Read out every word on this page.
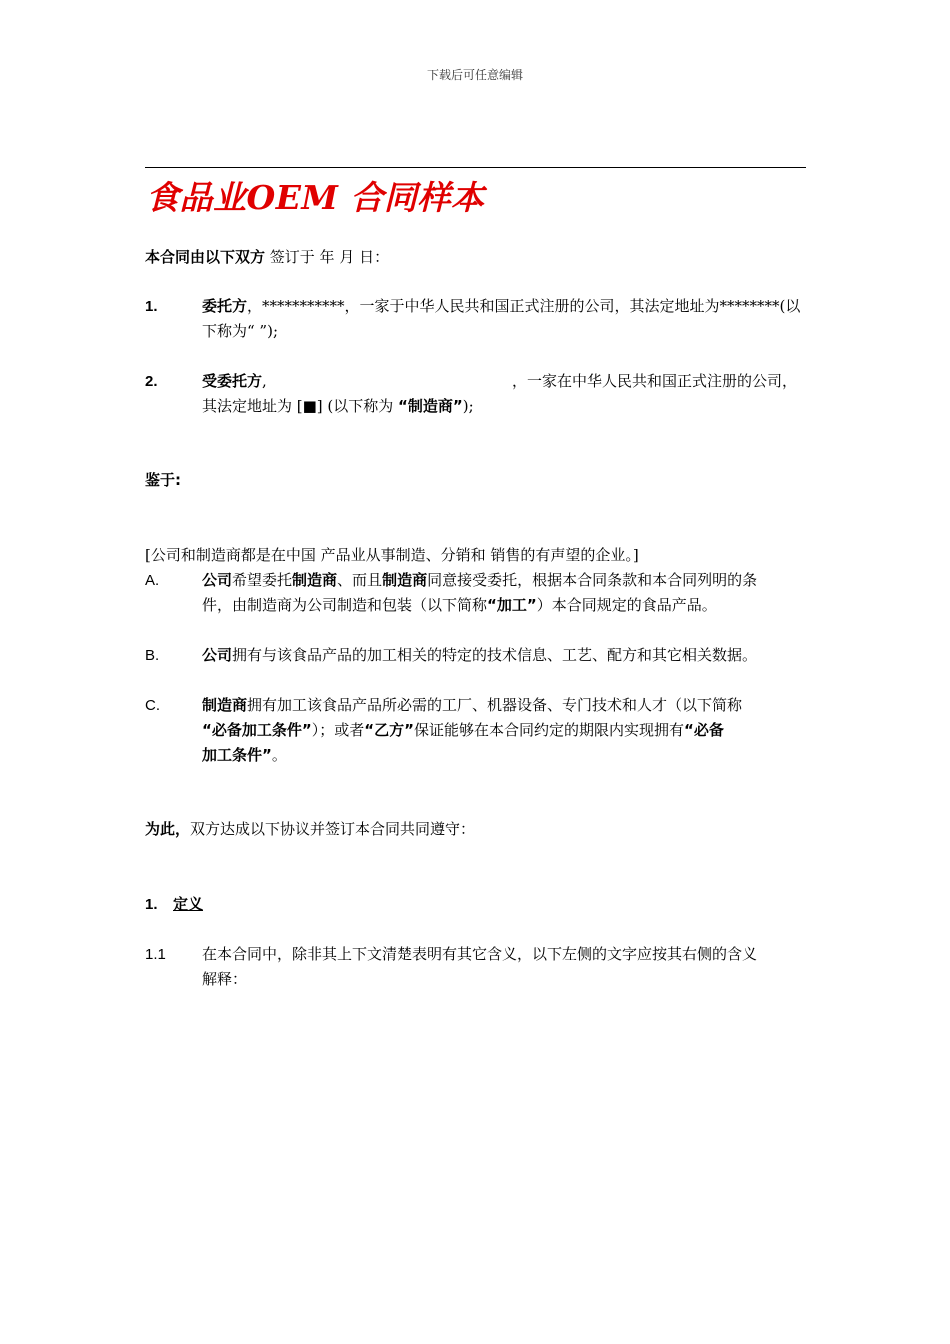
下载后可任意编辑
食品业OEM 合同样本
本合同由以下双方 签订于 年 月 日：
1.	委托方，***********，一家于中华人民共和国正式注册的公司，其法定地址为********(以
下称为“ ”);
2.	受委托方,	，一家在中华人民共和国正式注册的公司，
其法定地址为 [■] (以下称为 “制造商”);
鉴于:
[公司和制造商都是在中国 产品业从事制造、分销和 销售的有声望的企业。]
A.	公司希望委托制造商、而且制造商同意接受委托，根据本合同条款和本合同列明的条
件，由制造商为公司制造和包装（以下简称“加工”）本合同规定的食品产品。
B.	公司拥有与该食品产品的加工相关的特定的技术信息、工艺、配方和其它相关数据。
C.	制造商拥有加工该食品产品所必需的工厂、机器设备、专门技术和人才（以下简称
“必备加工条件”）；或者“乙方”保证能够在本合同约定的期限内实现拥有“必备
加工条件”。
为此，双方达成以下协议并签订本合同共同遵守：
1. 定义
1.1 在本合同中，除非其上下文清楚表明有其它含义，以下左侧的文字应按其右侧的含义
解释：
